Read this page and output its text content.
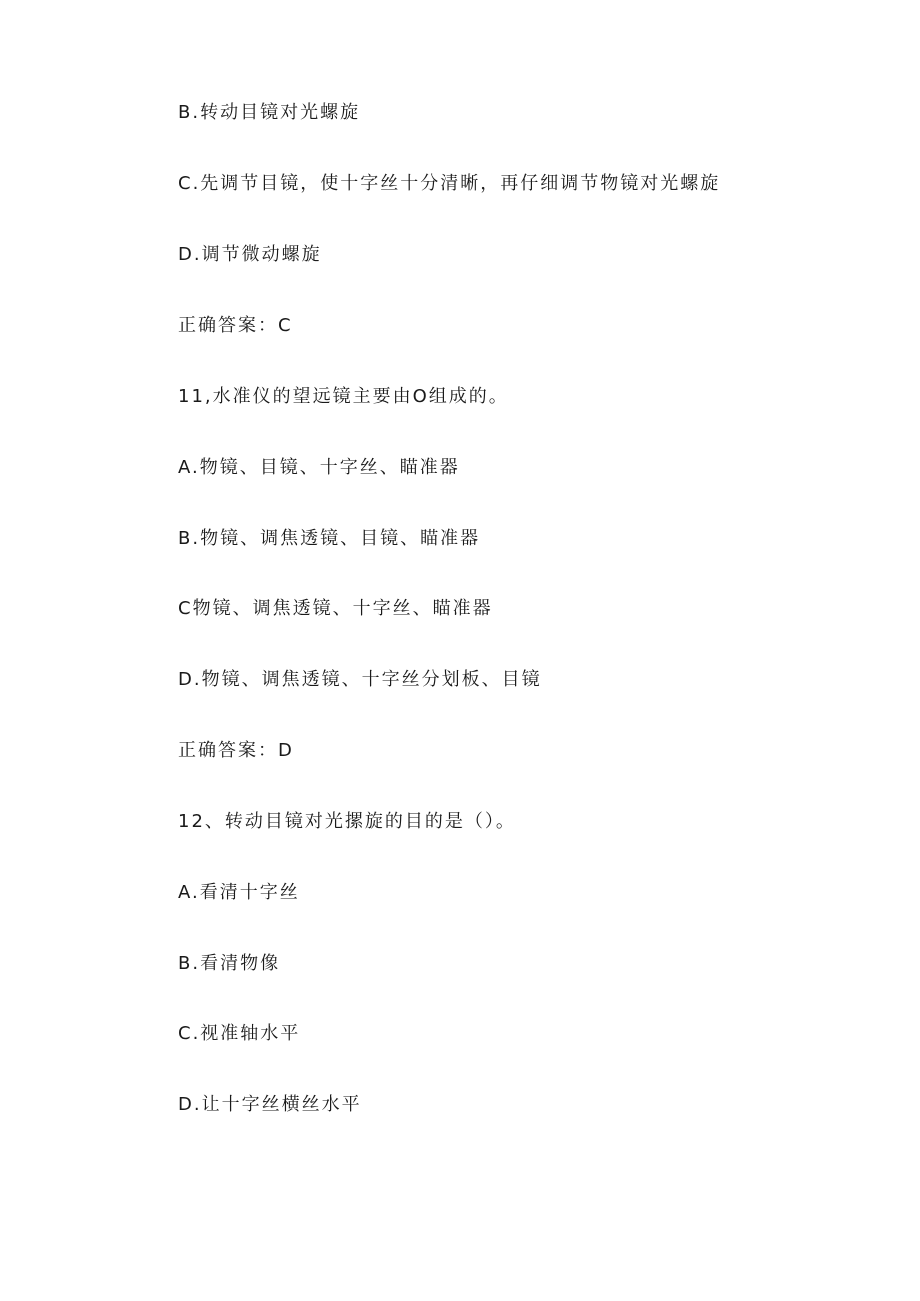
B.转动目镜对光螺旋
C.先调节目镜，使十字丝十分清晰，再仔细调节物镜对光螺旋
D.调节微动螺旋
正确答案：C
11,水准仪的望远镜主要由O组成的。
A.物镜、目镜、十字丝、瞄准器
B.物镜、调焦透镜、目镜、瞄准器
C物镜、调焦透镜、十字丝、瞄准器
D.物镜、调焦透镜、十字丝分划板、目镜
正确答案：D
12、转动目镜对光摞旋的目的是（）。
A.看清十字丝
B.看清物像
C.视准轴水平
D.让十字丝横丝水平
